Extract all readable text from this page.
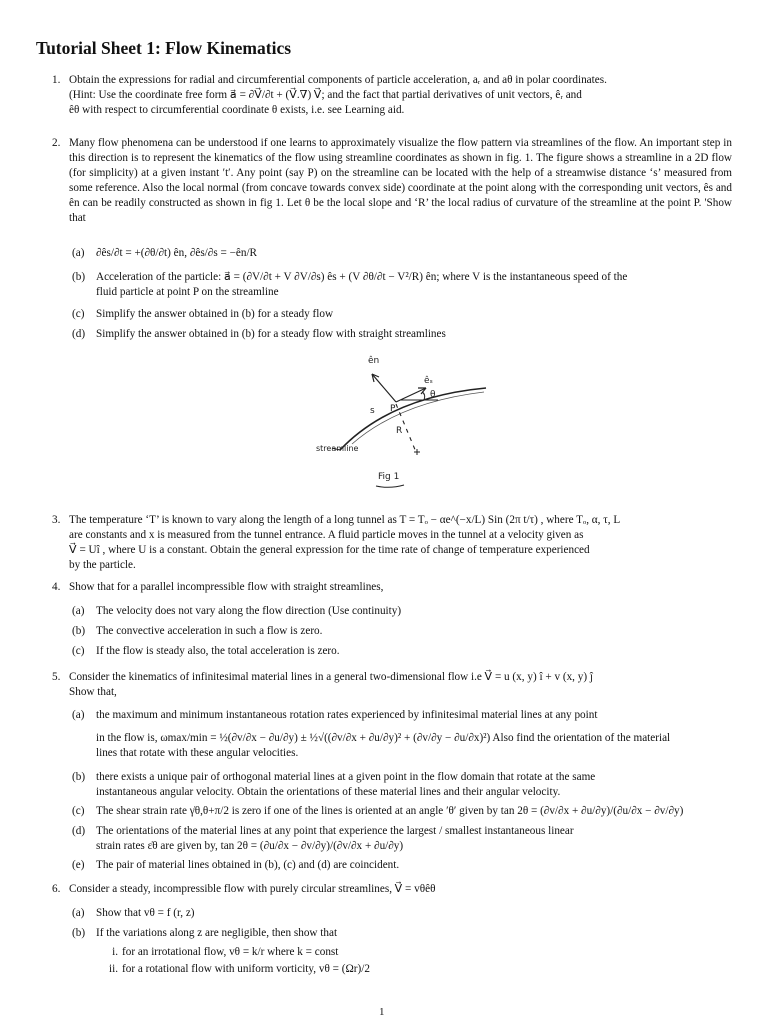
Tutorial Sheet 1: Flow Kinematics
1. Obtain the expressions for radial and circumferential components of particle acceleration, aᵣ and aθ in polar coordinates.
(Hint: Use the coordinate free form a⃗ = ∂V⃗/∂t + (V⃗.∇) V⃗; and the fact that partial derivatives of unit vectors, êᵣ and
êθ with respect to circumferential coordinate θ exists, i.e. see Learning aid.
2. Many flow phenomena can be understood if one learns to approximately visualize the flow pattern via streamlines of the flow. An important step in this direction is to represent the kinematics of the flow using streamline coordinates as shown in fig. 1. The figure shows a streamline in a 2D flow (for simplicity) at a given instant ′t′. Any point (say P) on the streamline can be located with the help of a streamwise distance ‘s’ measured from some reference. Also the local normal (from concave towards convex side) coordinate at the point along with the corresponding unit vectors, ês and ên can be readily constructed as shown in fig 1. Let θ be the local slope and ‘R’ the local radius of curvature of the streamline at the point P. 'Show that
(a)	∂ês/∂t = +(∂θ/∂t) ên, ∂ês/∂s = −ên/R
(b) Acceleration of the particle: a⃗ = (∂V/∂t + V ∂V/∂s) ês + (V ∂θ/∂t − V²/R) ên; where V is the instantaneous speed of the
fluid particle at point P on the streamline
(c)	Simplify the answer obtained in (b) for a steady flow
(d) Simplify the answer obtained in (b) for a steady flow with straight streamlines
ên
êₛ
θ
s P
R
streamline
Fig 1
3. The temperature ‘T’ is known to vary along the length of a long tunnel as T = Tₒ − αe^(−x/L) Sin (2π t/τ) , where Tₒ, α, τ, L
are constants and x is measured from the tunnel entrance. A fluid particle moves in the tunnel at a velocity given as
V⃗ = Uî , where U is a constant. Obtain the general expression for the time rate of change of temperature experienced
by the particle.
4. Show that for a parallel incompressible flow with straight streamlines,
(a)	The velocity does not vary along the flow direction (Use continuity)
(b) The convective acceleration in such a flow is zero.
(c)	If the flow is steady also, the total acceleration is zero.
5. Consider the kinematics of infinitesimal material lines in a general two-dimensional flow i.e V⃗ = u (x, y) î + v (x, y) ĵ
Show that,
(a)	the maximum and minimum instantaneous rotation rates experienced by infinitesimal material lines at any point
in the flow is, ωmax/min = ½(∂v/∂x − ∂u/∂y) ± ½√((∂v/∂x + ∂u/∂y)² + (∂v/∂y − ∂u/∂x)²) Also find the orientation of the material
lines that rotate with these angular velocities.
(b) there exists a unique pair of orthogonal material lines at a given point in the flow domain that rotate at the same
instantaneous angular velocity. Obtain the orientations of these material lines and their angular velocity.
(c)	The shear strain rate γ̇θ,θ+π/2 is zero if one of the lines is oriented at an angle ′θ′ given by tan 2θ = (∂v/∂x + ∂u/∂y)/(∂u/∂x − ∂v/∂y)
(d) The orientations of the material lines at any point that experience the largest / smallest instantaneous linear
strain rates ε̇θ are given by, tan 2θ = (∂u/∂x − ∂v/∂y)/(∂v/∂x + ∂u/∂y)
(e)	The pair of material lines obtained in (b), (c) and (d) are coincident.
6. Consider a steady, incompressible flow with purely circular streamlines, V⃗ = vθêθ
(a)	Show that vθ = f (r, z)
(b) If the variations along z are negligible, then show that
i. for an irrotational flow, vθ = k/r where k = const
ii. for a rotational flow with uniform vorticity, vθ = (Ωr)/2
1
